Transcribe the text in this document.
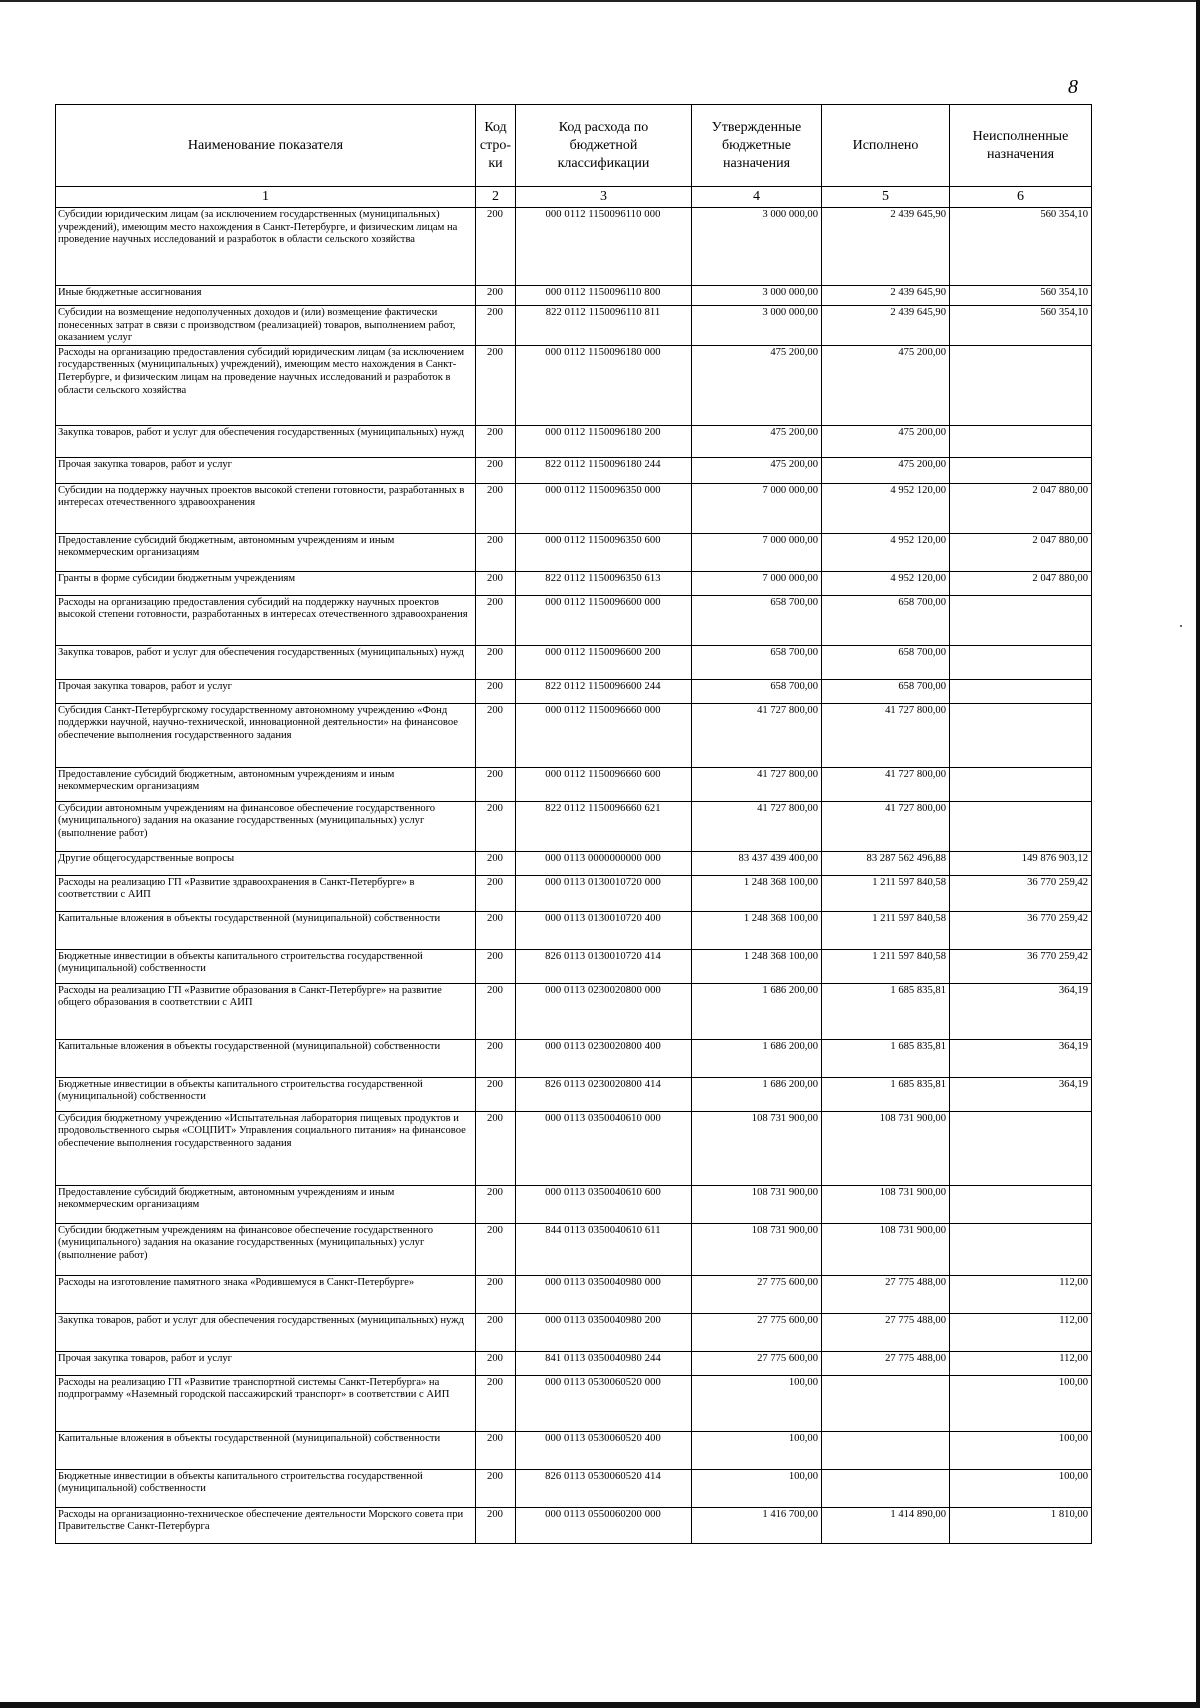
8
Наименование показателя	Код стро- ки	Код расхода по бюджетной классификации	Утвержденные бюджетные назначения	Исполнено	Неисполненные назначения
1	2	3	4	5	6
Субсидии юридическим лицам (за исключением государственных (муниципальных) учреждений), имеющим место нахождения в Санкт-Петербурге, и физическим лицам на проведение научных исследований и разработок в области сельского хозяйства	200	000 0112 1150096110 000	3 000 000,00	2 439 645,90	560 354,10
Иные бюджетные ассигнования	200	000 0112 1150096110 800	3 000 000,00	2 439 645,90	560 354,10
Субсидии на возмещение недополученных доходов и (или) возмещение фактически понесенных затрат в связи с производством (реализацией) товаров, выполнением работ, оказанием услуг	200	822 0112 1150096110 811	3 000 000,00	2 439 645,90	560 354,10
Расходы на организацию предоставления субсидий юридическим лицам (за исключением государственных (муниципальных) учреждений), имеющим место нахождения в Санкт-Петербурге, и физическим лицам на проведение научных исследований и разработок в области сельского хозяйства	200	000 0112 1150096180 000	475 200,00	475 200,00	
Закупка товаров, работ и услуг для обеспечения государственных (муниципальных) нужд	200	000 0112 1150096180 200	475 200,00	475 200,00	
Прочая закупка товаров, работ и услуг	200	822 0112 1150096180 244	475 200,00	475 200,00	
Субсидии на поддержку научных проектов высокой степени готовности, разработанных в интересах отечественного здравоохранения	200	000 0112 1150096350 000	7 000 000,00	4 952 120,00	2 047 880,00
Предоставление субсидий бюджетным, автономным учреждениям и иным некоммерческим организациям	200	000 0112 1150096350 600	7 000 000,00	4 952 120,00	2 047 880,00
Гранты в форме субсидии бюджетным учреждениям	200	822 0112 1150096350 613	7 000 000,00	4 952 120,00	2 047 880,00
Расходы на организацию предоставления субсидий на поддержку научных проектов высокой степени готовности, разработанных в интересах отечественного здравоохранения	200	000 0112 1150096600 000	658 700,00	658 700,00	
Закупка товаров, работ и услуг для обеспечения государственных (муниципальных) нужд	200	000 0112 1150096600 200	658 700,00	658 700,00	
Прочая закупка товаров, работ и услуг	200	822 0112 1150096600 244	658 700,00	658 700,00	
Субсидия Санкт-Петербургскому государственному автономному учреждению «Фонд поддержки научной, научно-технической, инновационной деятельности» на финансовое обеспечение выполнения государственного задания	200	000 0112 1150096660 000	41 727 800,00	41 727 800,00	
Предоставление субсидий бюджетным, автономным учреждениям и иным некоммерческим организациям	200	000 0112 1150096660 600	41 727 800,00	41 727 800,00	
Субсидии автономным учреждениям на финансовое обеспечение государственного (муниципального) задания на оказание государственных (муниципальных) услуг (выполнение работ)	200	822 0112 1150096660 621	41 727 800,00	41 727 800,00	
Другие общегосударственные вопросы	200	000 0113 0000000000 000	83 437 439 400,00	83 287 562 496,88	149 876 903,12
Расходы на реализацию ГП «Развитие здравоохранения в Санкт-Петербурге» в соответствии с АИП	200	000 0113 0130010720 000	1 248 368 100,00	1 211 597 840,58	36 770 259,42
Капитальные вложения в объекты государственной (муниципальной) собственности	200	000 0113 0130010720 400	1 248 368 100,00	1 211 597 840,58	36 770 259,42
Бюджетные инвестиции в объекты капитального строительства государственной (муниципальной) собственности	200	826 0113 0130010720 414	1 248 368 100,00	1 211 597 840,58	36 770 259,42
Расходы на реализацию ГП «Развитие образования в Санкт-Петербурге» на развитие общего образования в соответствии с АИП	200	000 0113 0230020800 000	1 686 200,00	1 685 835,81	364,19
Капитальные вложения в объекты государственной (муниципальной) собственности	200	000 0113 0230020800 400	1 686 200,00	1 685 835,81	364,19
Бюджетные инвестиции в объекты капитального строительства государственной (муниципальной) собственности	200	826 0113 0230020800 414	1 686 200,00	1 685 835,81	364,19
Субсидия бюджетному учреждению «Испытательная лаборатория пищевых продуктов и продовольственного сырья «СОЦПИТ» Управления социального питания» на финансовое обеспечение выполнения государственного задания	200	000 0113 0350040610 000	108 731 900,00	108 731 900,00	
Предоставление субсидий бюджетным, автономным учреждениям и иным некоммерческим организациям	200	000 0113 0350040610 600	108 731 900,00	108 731 900,00	
Субсидии бюджетным учреждениям на финансовое обеспечение государственного (муниципального) задания на оказание государственных (муниципальных) услуг (выполнение работ)	200	844 0113 0350040610 611	108 731 900,00	108 731 900,00	
Расходы на изготовление памятного знака «Родившемуся в Санкт-Петербурге»	200	000 0113 0350040980 000	27 775 600,00	27 775 488,00	112,00
Закупка товаров, работ и услуг для обеспечения государственных (муниципальных) нужд	200	000 0113 0350040980 200	27 775 600,00	27 775 488,00	112,00
Прочая закупка товаров, работ и услуг	200	841 0113 0350040980 244	27 775 600,00	27 775 488,00	112,00
Расходы на реализацию ГП «Развитие транспортной системы Санкт-Петербурга» на подпрограмму «Наземный городской пассажирский транспорт» в соответствии с АИП	200	000 0113 0530060520 000	100,00		100,00
Капитальные вложения в объекты государственной (муниципальной) собственности	200	000 0113 0530060520 400	100,00		100,00
Бюджетные инвестиции в объекты капитального строительства государственной (муниципальной) собственности	200	826 0113 0530060520 414	100,00		100,00
Расходы на организационно-техническое обеспечение деятельности Морского совета при Правительстве Санкт-Петербурга	200	000 0113 0550060200 000	1 416 700,00	1 414 890,00	1 810,00
